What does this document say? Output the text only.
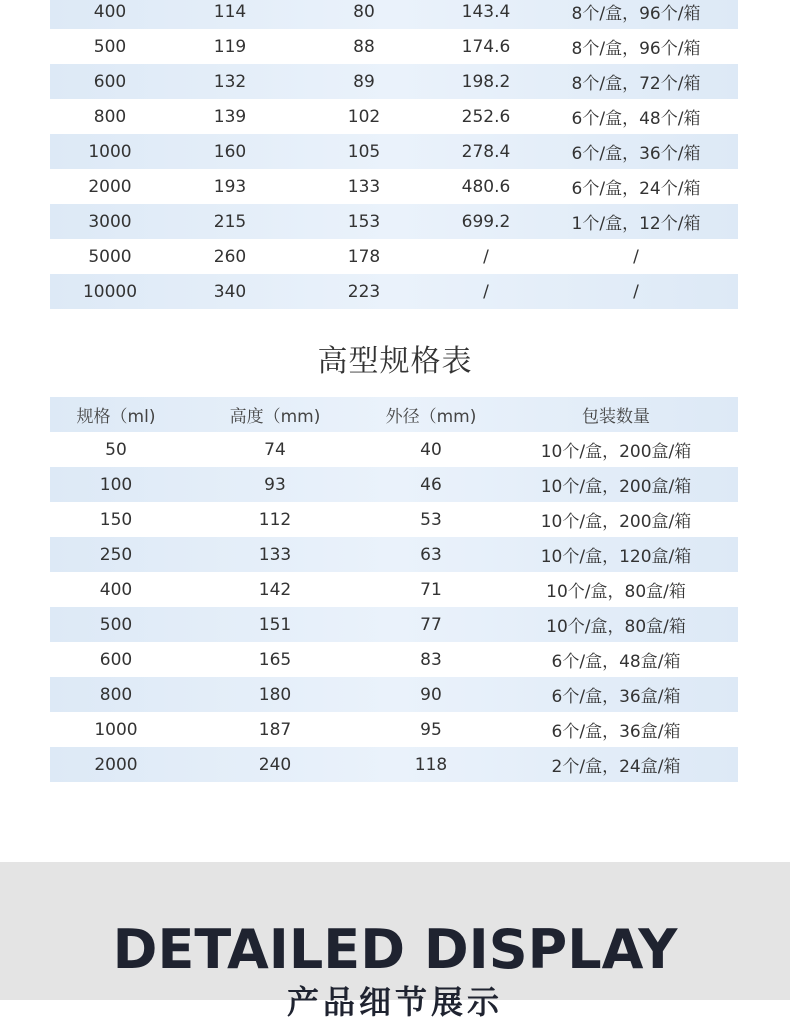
400	114	80	143.4	8个/盒，96个/箱
500	119	88	174.6	8个/盒，96个/箱
600	132	89	198.2	8个/盒，72个/箱
800	139	102	252.6	6个/盒，48个/箱
1000	160	105	278.4	6个/盒，36个/箱
2000	193	133	480.6	6个/盒，24个/箱
3000	215	153	699.2	1个/盒，12个/箱
5000	260	178	/	/
10000	340	223	/	/
高型规格表
规格（ml)	高度（mm)	外径（mm)	包装数量
50	74	40	10个/盒，200盒/箱
100	93	46	10个/盒，200盒/箱
150	112	53	10个/盒，200盒/箱
250	133	63	10个/盒，120盒/箱
400	142	71	10个/盒，80盒/箱
500	151	77	10个/盒，80盒/箱
600	165	83	6个/盒，48盒/箱
800	180	90	6个/盒，36盒/箱
1000	187	95	6个/盒，36盒/箱
2000	240	118	2个/盒，24盒/箱
DETAILED DISPLAY
产品细节展示
